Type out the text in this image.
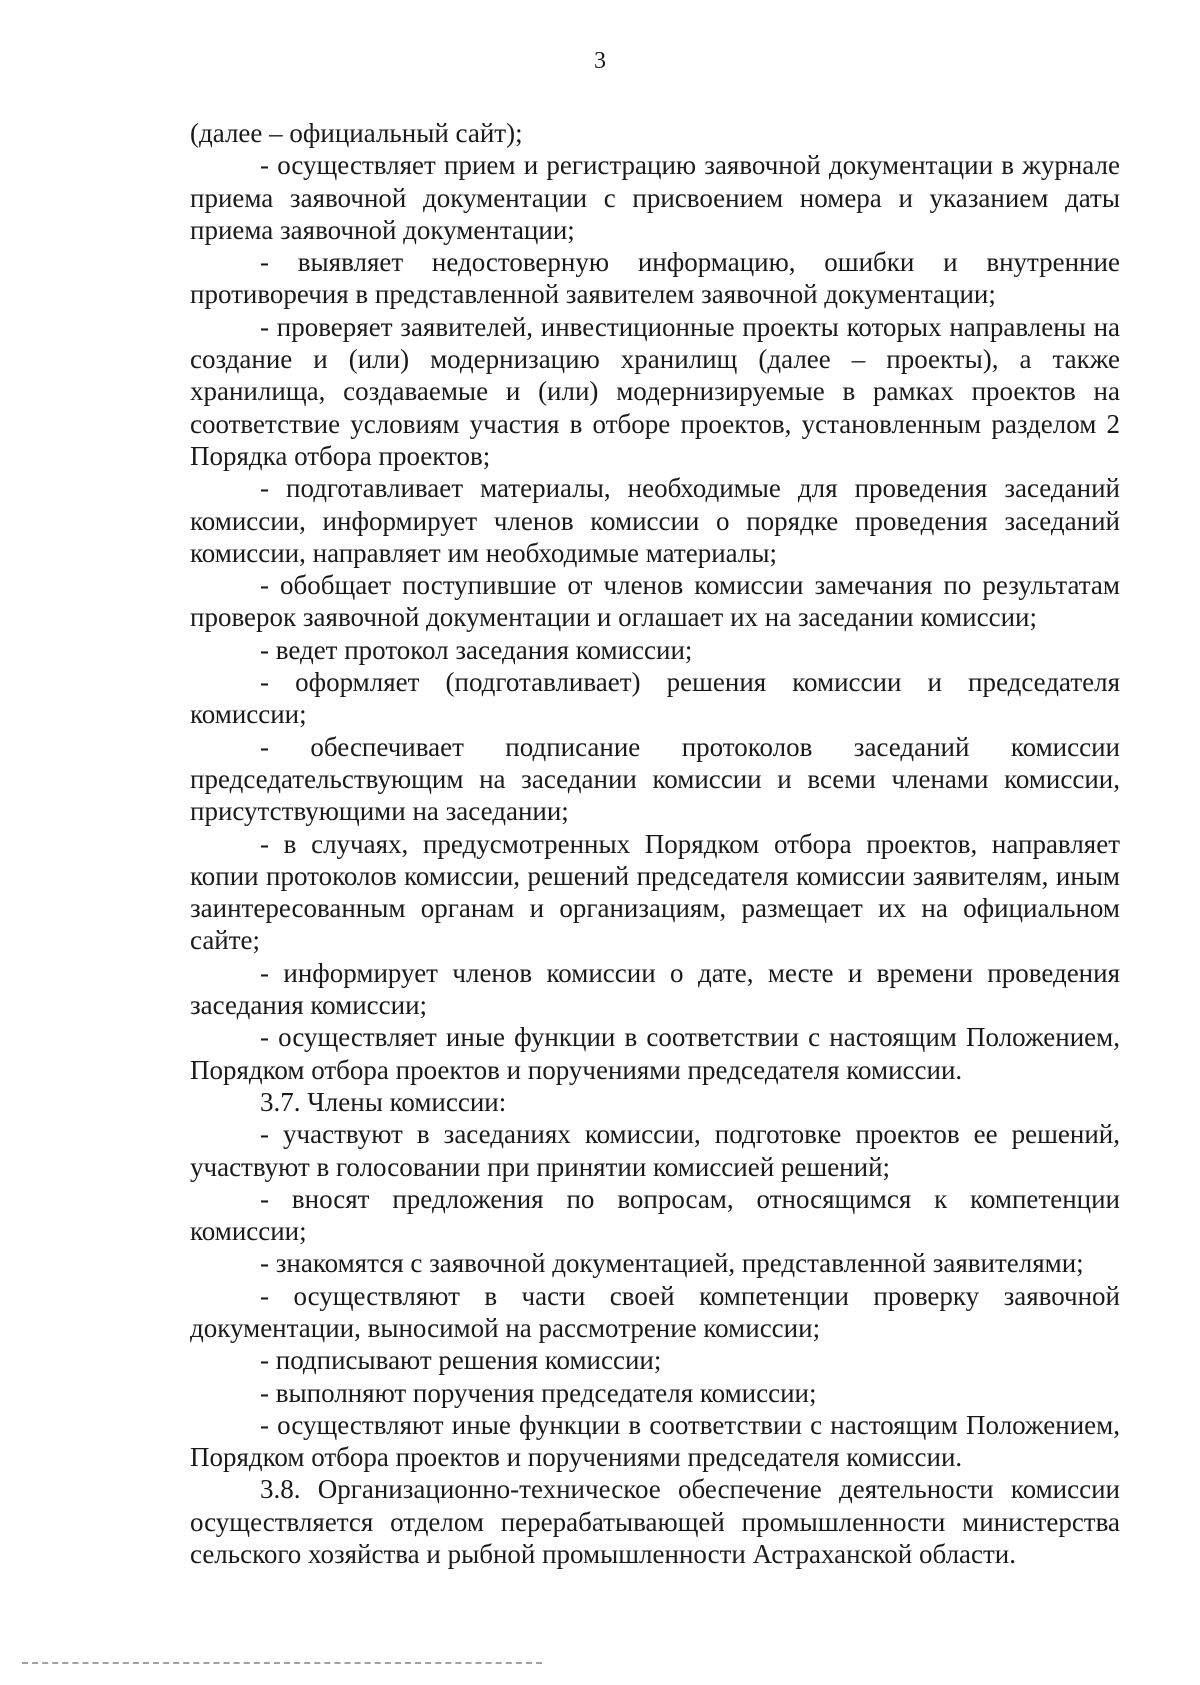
3

(далее – официальный сайт);

- осуществляет прием и регистрацию заявочной документации в журнале приема заявочной документации с присвоением номера и указанием даты приема заявочной документации;

- выявляет недостоверную информацию, ошибки и внутренние противоречия в представленной заявителем заявочной документации;

- проверяет заявителей, инвестиционные проекты которых направлены на создание и (или) модернизацию хранилищ (далее – проекты), а также хранилища, создаваемые и (или) модернизируемые в рамках проектов на соответствие условиям участия в отборе проектов, установленным разделом 2 Порядка отбора проектов;

- подготавливает материалы, необходимые для проведения заседаний комиссии, информирует членов комиссии о порядке проведения заседаний комиссии, направляет им необходимые материалы;

- обобщает поступившие от членов комиссии замечания по результатам проверок заявочной документации и оглашает их на заседании комиссии;

- ведет протокол заседания комиссии;

- оформляет (подготавливает) решения комиссии и председателя комиссии;

- обеспечивает подписание протоколов заседаний комиссии председательствующим на заседании комиссии и всеми членами комиссии, присутствующими на заседании;

- в случаях, предусмотренных Порядком отбора проектов, направляет копии протоколов комиссии, решений председателя комиссии заявителям, иным заинтересованным органам и организациям, размещает их на официальном сайте;

- информирует членов комиссии о дате, месте и времени проведения заседания комиссии;

- осуществляет иные функции в соответствии с настоящим Положением, Порядком отбора проектов и поручениями председателя комиссии.

3.7. Члены комиссии:

- участвуют в заседаниях комиссии, подготовке проектов ее решений, участвуют в голосовании при принятии комиссией решений;

- вносят предложения по вопросам, относящимся к компетенции комиссии;

- знакомятся с заявочной документацией, представленной заявителями;

- осуществляют в части своей компетенции проверку заявочной документации, выносимой на рассмотрение комиссии;

- подписывают решения комиссии;

- выполняют поручения председателя комиссии;

- осуществляют иные функции в соответствии с настоящим Положением, Порядком отбора проектов и поручениями председателя комиссии.

3.8. Организационно-техническое обеспечение деятельности комиссии осуществляется отделом перерабатывающей промышленности министерства сельского хозяйства и рыбной промышленности Астраханской области.
